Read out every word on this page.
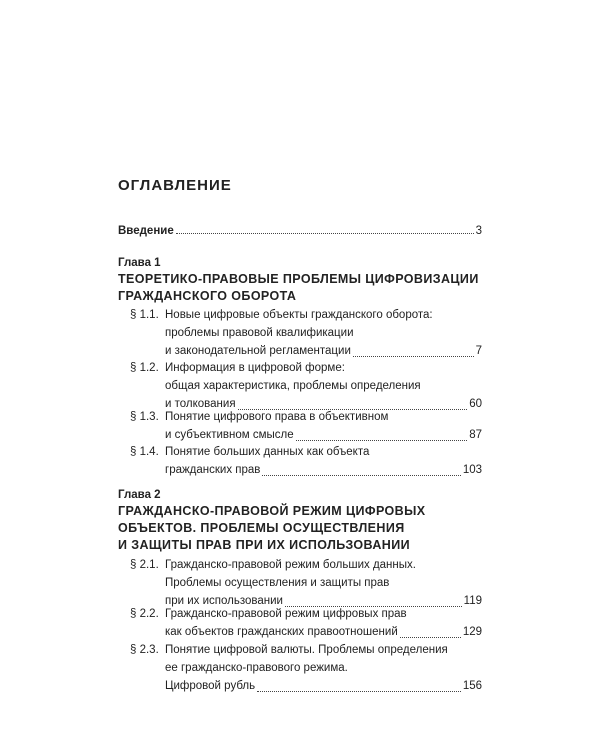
ОГЛАВЛЕНИЕ
Введение	3
Глава 1
ТЕОРЕТИКО-ПРАВОВЫЕ ПРОБЛЕМЫ ЦИФРОВИЗАЦИИ
ГРАЖДАНСКОГО ОБОРОТА
§ 1.1. Новые цифровые объекты гражданского оборота:
проблемы правовой квалификации
и законодательной регламентации	7
§ 1.2. Информация в цифровой форме:
общая характеристика, проблемы определения
и толкования	60
§ 1.3. Понятие цифрового права в объективном
и субъективном смысле	87
§ 1.4. Понятие больших данных как объекта
гражданских прав	103
Глава 2
ГРАЖДАНСКО-ПРАВОВОЙ РЕЖИМ ЦИФРОВЫХ
ОБЪЕКТОВ. ПРОБЛЕМЫ ОСУЩЕСТВЛЕНИЯ
И ЗАЩИТЫ ПРАВ ПРИ ИХ ИСПОЛЬЗОВАНИИ
§ 2.1. Гражданско-правовой режим больших данных.
Проблемы осуществления и защиты прав
при их использовании	119
§ 2.2. Гражданско-правовой режим цифровых прав
как объектов гражданских правоотношений	129
§ 2.3. Понятие цифровой валюты. Проблемы определения
ее гражданско-правового режима.
Цифровой рубль	156
